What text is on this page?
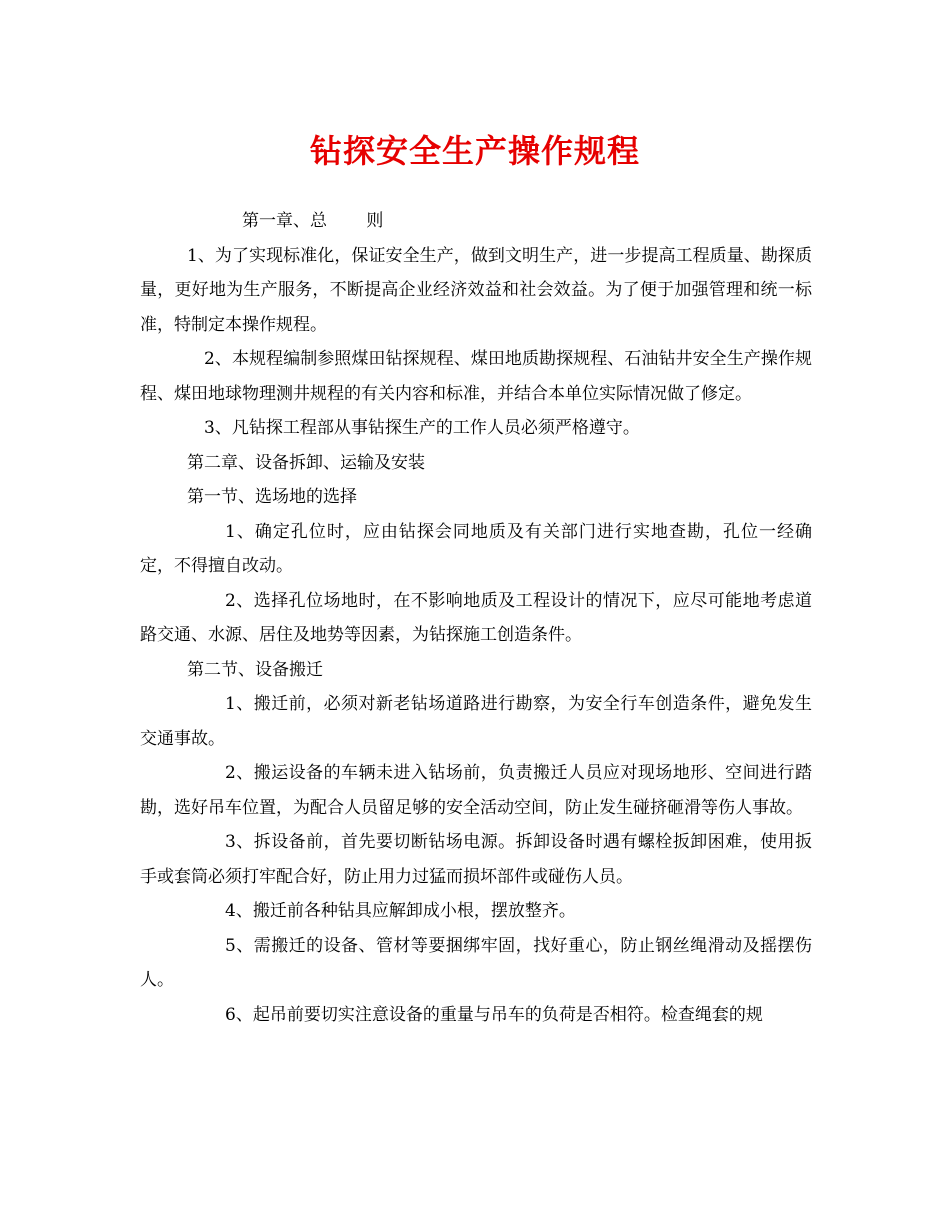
钻探安全生产操作规程

第一章、总　　 则

1、为了实现标准化，保证安全生产，做到文明生产，进一步提高工程质量、勘探质量，更好地为生产服务，不断提高企业经济效益和社会效益。为了便于加强管理和统一标准，特制定本操作规程。

2、本规程编制参照煤田钻探规程、煤田地质勘探规程、石油钻井安全生产操作规程、煤田地球物理测井规程的有关内容和标准，并结合本单位实际情况做了修定。

3、凡钻探工程部从事钻探生产的工作人员必须严格遵守。

第二章、设备拆卸、运输及安装

第一节、选场地的选择

1、确定孔位时，应由钻探会同地质及有关部门进行实地查勘，孔位一经确定，不得擅自改动。

2、选择孔位场地时，在不影响地质及工程设计的情况下，应尽可能地考虑道路交通、水源、居住及地势等因素，为钻探施工创造条件。

第二节、设备搬迁

1、搬迁前，必须对新老钻场道路进行勘察，为安全行车创造条件，避免发生交通事故。

2、搬运设备的车辆未进入钻场前，负责搬迁人员应对现场地形、空间进行踏勘，选好吊车位置，为配合人员留足够的安全活动空间，防止发生碰挤砸滑等伤人事故。

3、拆设备前，首先要切断钻场电源。拆卸设备时遇有螺栓扳卸困难，使用扳手或套筒必须打牢配合好，防止用力过猛而损坏部件或碰伤人员。

4、搬迁前各种钻具应解卸成小根，摆放整齐。

5、需搬迁的设备、管材等要捆绑牢固，找好重心，防止钢丝绳滑动及摇摆伤人。

6、起吊前要切实注意设备的重量与吊车的负荷是否相符。检查绳套的规
